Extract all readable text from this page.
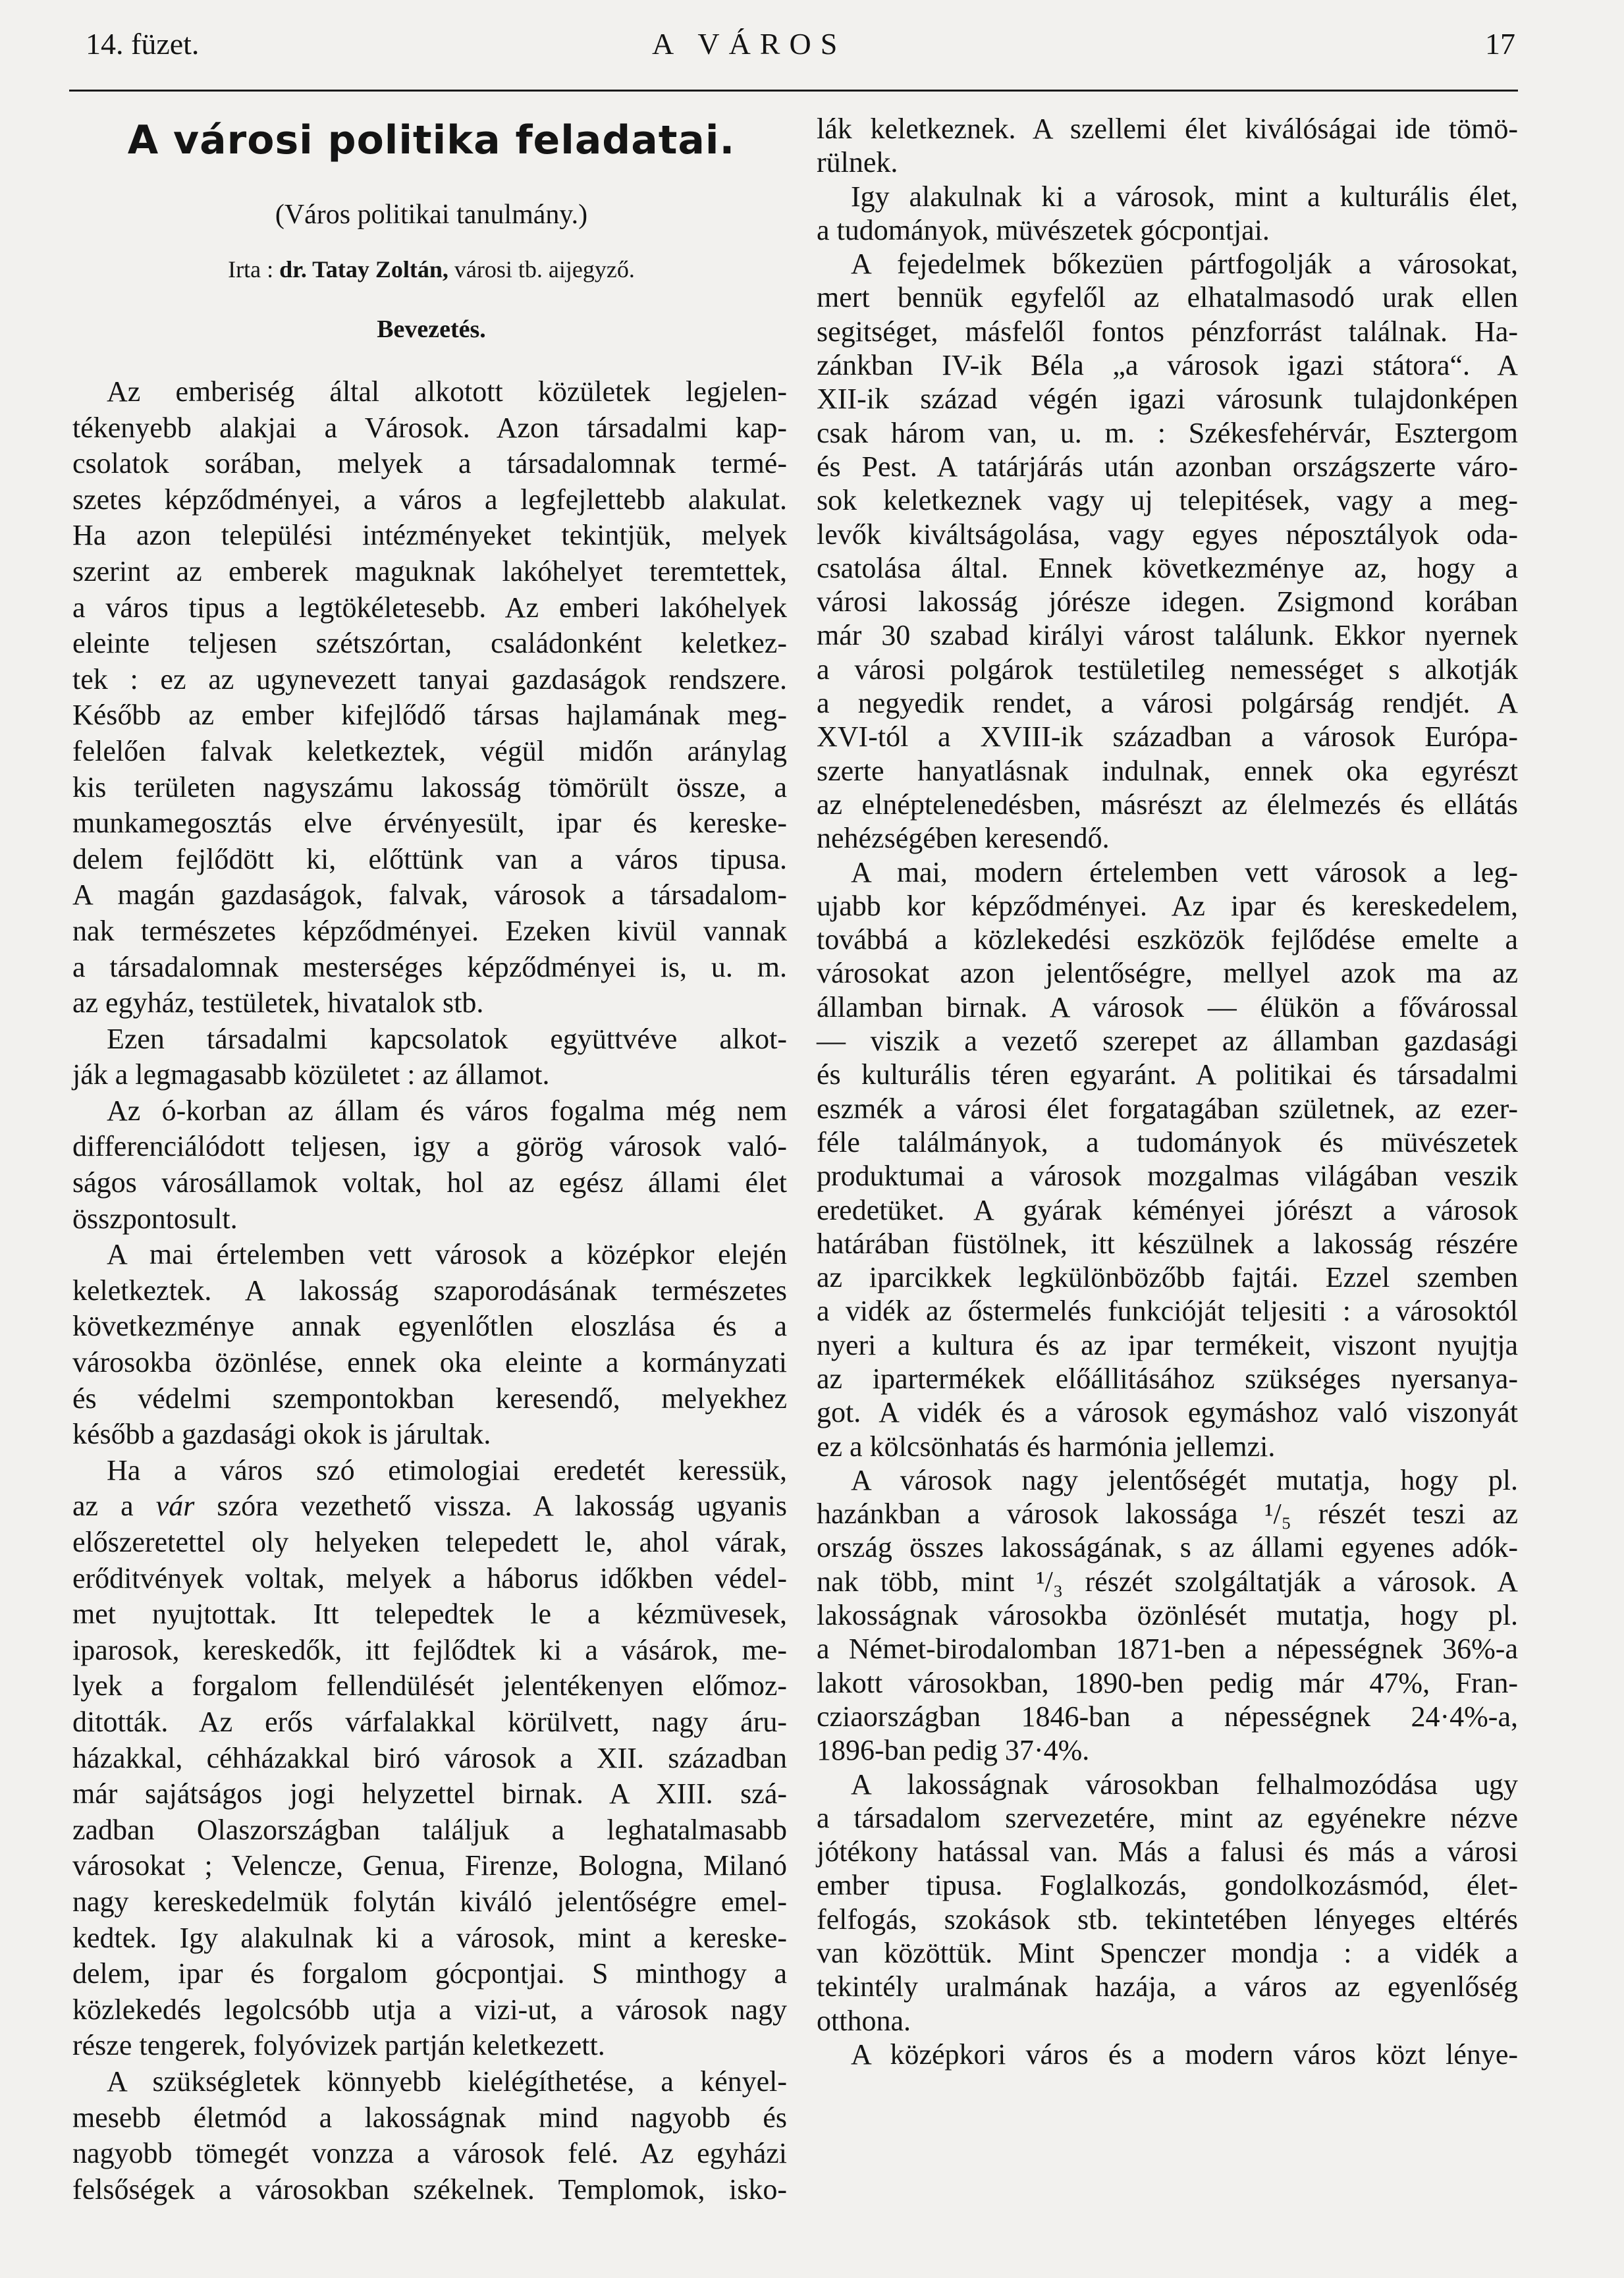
14. füzet.	A VÁROS	17
A városi politika feladatai.
(Város politikai tanulmány.)
Irta : dr. Tatay Zoltán, városi tb. aijegyző.
Bevezetés.
Az emberiség által alkotott közületek legjelen-
tékenyebb alakjai a Városok. Azon társadalmi kap-
csolatok sorában, melyek a társadalomnak termé-
szetes képződményei, a város a legfejlettebb alakulat.
Ha azon települési intézményeket tekintjük, melyek
szerint az emberek maguknak lakóhelyet teremtettek,
a város tipus a legtökéletesebb. Az emberi lakóhelyek
eleinte teljesen szétszórtan, családonként keletkez-
tek : ez az ugynevezett tanyai gazdaságok rendszere.
Később az ember kifejlődő társas hajlamának meg-
felelően falvak keletkeztek, végül midőn aránylag
kis területen nagyszámu lakosság tömörült össze, a
munkamegosztás elve érvényesült, ipar és kereske-
delem fejlődött ki, előttünk van a város tipusa.
A magán gazdaságok, falvak, városok a társadalom-
nak természetes képződményei. Ezeken kivül vannak
a társadalomnak mesterséges képződményei is, u. m.
az egyház, testületek, hivatalok stb.
Ezen társadalmi kapcsolatok együttvéve alkot-
ják a legmagasabb közületet : az államot.
Az ó-korban az állam és város fogalma még nem
differenciálódott teljesen, igy a görög városok való-
ságos városállamok voltak, hol az egész állami élet
összpontosult.
A mai értelemben vett városok a középkor elején
keletkeztek. A lakosság szaporodásának természetes
következménye annak egyenlőtlen eloszlása és a
városokba özönlése, ennek oka eleinte a kormányzati
és védelmi szempontokban keresendő, melyekhez
később a gazdasági okok is járultak.
Ha a város szó etimologiai eredetét keressük,
az a vár szóra vezethető vissza. A lakosság ugyanis
előszeretettel oly helyeken telepedett le, ahol várak,
erőditvények voltak, melyek a háborus időkben védel-
met nyujtottak. Itt telepedtek le a kézmüvesek,
iparosok, kereskedők, itt fejlődtek ki a vásárok, me-
lyek a forgalom fellendülését jelentékenyen előmoz-
ditották. Az erős várfalakkal körülvett, nagy áru-
házakkal, céhházakkal biró városok a XII. században
már sajátságos jogi helyzettel birnak. A XIII. szá-
zadban Olaszországban találjuk a leghatalmasabb
városokat ; Velencze, Genua, Firenze, Bologna, Milanó
nagy kereskedelmük folytán kiváló jelentőségre emel-
kedtek. Igy alakulnak ki a városok, mint a kereske-
delem, ipar és forgalom gócpontjai. S minthogy a
közlekedés legolcsóbb utja a vizi-ut, a városok nagy
része tengerek, folyóvizek partján keletkezett.
A szükségletek könnyebb kielégíthetése, a kényel-
mesebb életmód a lakosságnak mind nagyobb és
nagyobb tömegét vonzza a városok felé. Az egyházi
felsőségek a városokban székelnek. Templomok, isko-
lák keletkeznek. A szellemi élet kiválóságai ide tömö-
rülnek.
Igy alakulnak ki a városok, mint a kulturális élet,
a tudományok, müvészetek gócpontjai.
A fejedelmek bőkezüen pártfogolják a városokat,
mert bennük egyfelől az elhatalmasodó urak ellen
segitséget, másfelől fontos pénzforrást találnak. Ha-
zánkban IV-ik Béla „a városok igazi státora“. A
XII-ik század végén igazi városunk tulajdonképen
csak három van, u. m. : Székesfehérvár, Esztergom
és Pest. A tatárjárás után azonban országszerte váro-
sok keletkeznek vagy uj telepitések, vagy a meg-
levők kiváltságolása, vagy egyes néposztályok oda-
csatolása által. Ennek következménye az, hogy a
városi lakosság jórésze idegen. Zsigmond korában
már 30 szabad királyi várost találunk. Ekkor nyernek
a városi polgárok testületileg nemességet s alkotják
a negyedik rendet, a városi polgárság rendjét. A
XVI-tól a XVIII-ik században a városok Európa-
szerte hanyatlásnak indulnak, ennek oka egyrészt
az elnéptelenedésben, másrészt az élelmezés és ellátás
nehézségében keresendő.
A mai, modern értelemben vett városok a leg-
ujabb kor képződményei. Az ipar és kereskedelem,
továbbá a közlekedési eszközök fejlődése emelte a
városokat azon jelentőségre, mellyel azok ma az
államban birnak. A városok — élükön a fővárossal
— viszik a vezető szerepet az államban gazdasági
és kulturális téren egyaránt. A politikai és társadalmi
eszmék a városi élet forgatagában születnek, az ezer-
féle találmányok, a tudományok és müvészetek
produktumai a városok mozgalmas világában veszik
eredetüket. A gyárak kéményei jórészt a városok
határában füstölnek, itt készülnek a lakosság részére
az iparcikkek legkülönbözőbb fajtái. Ezzel szemben
a vidék az őstermelés funkcióját teljesiti : a városoktól
nyeri a kultura és az ipar termékeit, viszont nyujtja
az ipartermékek előállitásához szükséges nyersanya-
got. A vidék és a városok egymáshoz való viszonyát
ez a kölcsönhatás és harmónia jellemzi.
A városok nagy jelentőségét mutatja, hogy pl.
hazánkban a városok lakossága ¹/₅ részét teszi az
ország összes lakosságának, s az állami egyenes adók-
nak több, mint ¹/₃ részét szolgáltatják a városok. A
lakosságnak városokba özönlését mutatja, hogy pl.
a Német-birodalomban 1871-ben a népességnek 36%-a
lakott városokban, 1890-ben pedig már 47%, Fran-
cziaországban 1846-ban a népességnek 24·4%-a,
1896-ban pedig 37·4%.
A lakosságnak városokban felhalmozódása ugy
a társadalom szervezetére, mint az egyénekre nézve
jótékony hatással van. Más a falusi és más a városi
ember tipusa. Foglalkozás, gondolkozásmód, élet-
felfogás, szokások stb. tekintetében lényeges eltérés
van közöttük. Mint Spenczer mondja : a vidék a
tekintély uralmának hazája, a város az egyenlőség
otthona.
A középkori város és a modern város közt lénye-
